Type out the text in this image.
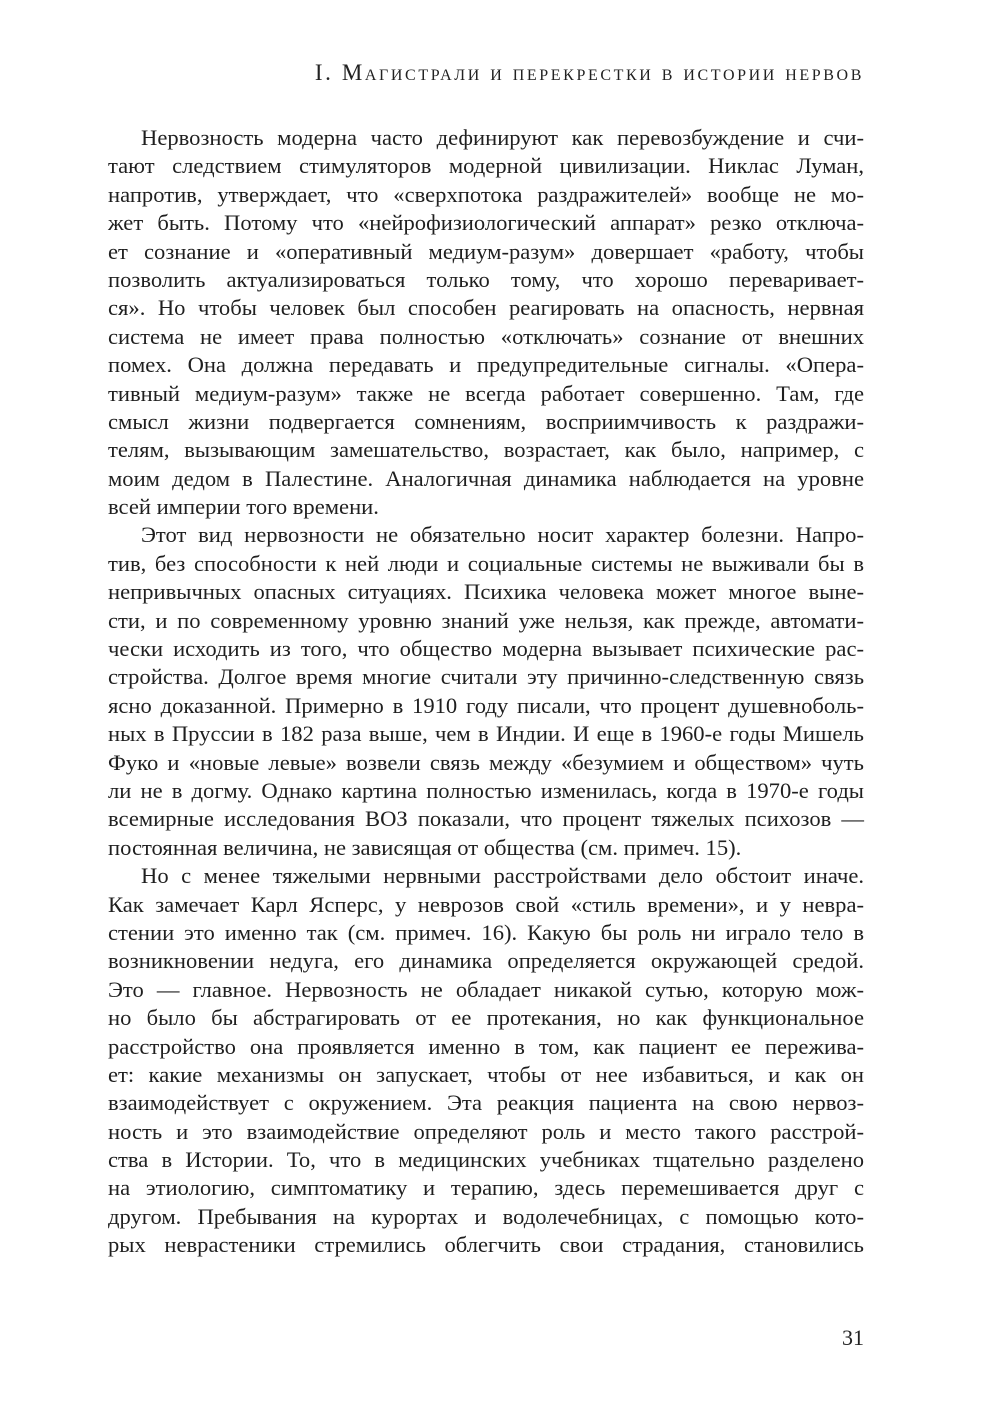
I. Магистрали и перекрестки в истории нервов
Нервозность модерна часто дефинируют как перевозбуждение и счи-
тают следствием стимуляторов модерной цивилизации. Никлас Луман,
напротив, утверждает, что «сверхпотока раздражителей» вообще не мо-
жет быть. Потому что «нейрофизиологический аппарат» резко отключа-
ет сознание и «оперативный медиум-разум» довершает «работу, чтобы
позволить актуализироваться только тому, что хорошо переваривает-
ся». Но чтобы человек был способен реагировать на опасность, нервная
система не имеет права полностью «отключать» сознание от внешних
помех. Она должна передавать и предупредительные сигналы. «Опера-
тивный медиум-разум» также не всегда работает совершенно. Там, где
смысл жизни подвергается сомнениям, восприимчивость к раздражи-
телям, вызывающим замешательство, возрастает, как было, например, с
моим дедом в Палестине. Аналогичная динамика наблюдается на уровне
всей империи того времени.
Этот вид нервозности не обязательно носит характер болезни. Напро-
тив, без способности к ней люди и социальные системы не выживали бы в
непривычных опасных ситуациях. Психика человека может многое выне-
сти, и по современному уровню знаний уже нельзя, как прежде, автомати-
чески исходить из того, что общество модерна вызывает психические рас-
стройства. Долгое время многие считали эту причинно-следственную связь
ясно доказанной. Примерно в 1910 году писали, что процент душевноболь-
ных в Пруссии в 182 раза выше, чем в Индии. И еще в 1960-е годы Мишель
Фуко и «новые левые» возвели связь между «безумием и обществом» чуть
ли не в догму. Однако картина полностью изменилась, когда в 1970-е годы
всемирные исследования ВОЗ показали, что процент тяжелых психозов —
постоянная величина, не зависящая от общества (см. примеч. 15).
Но с менее тяжелыми нервными расстройствами дело обстоит иначе.
Как замечает Карл Ясперс, у неврозов свой «стиль времени», и у невра-
стении это именно так (см. примеч. 16). Какую бы роль ни играло тело в
возникновении недуга, его динамика определяется окружающей средой.
Это — главное. Нервозность не обладает никакой сутью, которую мож-
но было бы абстрагировать от ее протекания, но как функциональное
расстройство она проявляется именно в том, как пациент ее пережива-
ет: какие механизмы он запускает, чтобы от нее избавиться, и как он
взаимодействует с окружением. Эта реакция пациента на свою нервоз-
ность и это взаимодействие определяют роль и место такого расстрой-
ства в Истории. То, что в медицинских учебниках тщательно разделено
на этиологию, симптоматику и терапию, здесь перемешивается друг с
другом. Пребывания на курортах и водолечебницах, с помощью кото-
рых неврастеники стремились облегчить свои страдания, становились
31
